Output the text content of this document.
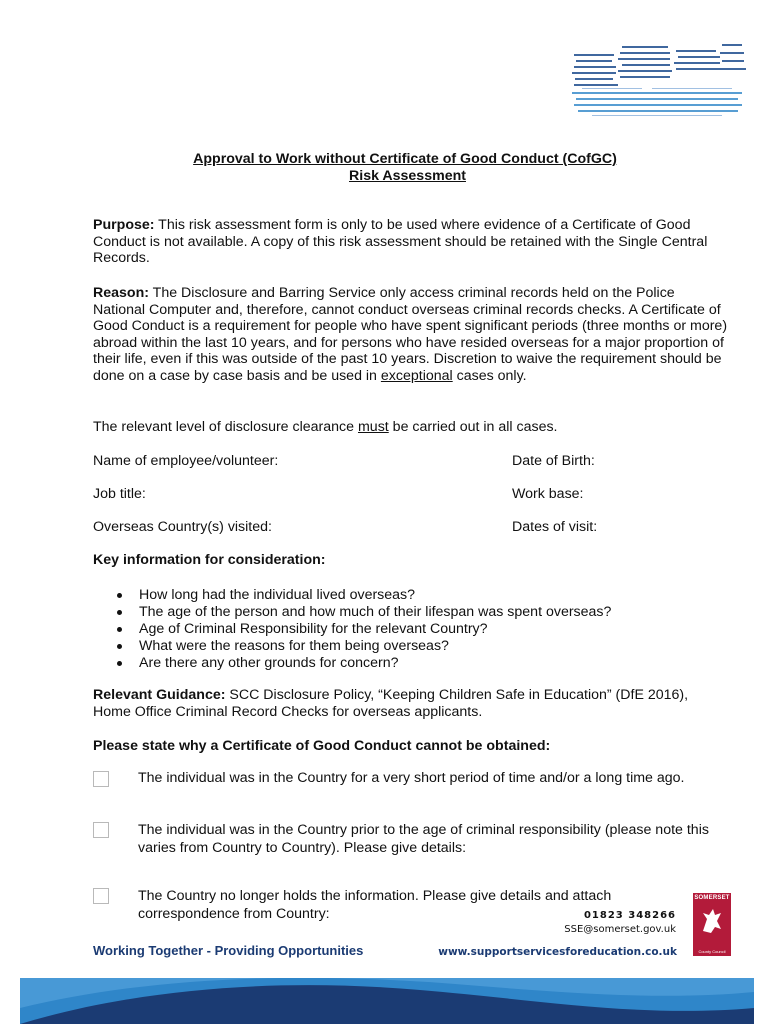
Approval to Work without Certificate of Good Conduct (CofGC)
Risk Assessment

Purpose: This risk assessment form is only to be used where evidence of a Certificate of Good Conduct is not available. A copy of this risk assessment should be retained with the Single Central Records.

Reason: The Disclosure and Barring Service only access criminal records held on the Police National Computer and, therefore, cannot conduct overseas criminal records checks. A Certificate of Good Conduct is a requirement for people who have spent significant periods (three months or more) abroad within the last 10 years, and for persons who have resided overseas for a major proportion of their life, even if this was outside of the past 10 years. Discretion to waive the requirement should be done on a case by case basis and be used in exceptional cases only.

The relevant level of disclosure clearance must be carried out in all cases.

Name of employee/volunteer:	Date of Birth:
Job title:	Work base:
Overseas Country(s) visited:	Dates of visit:
Key information for consideration:
How long had the individual lived overseas?
The age of the person and how much of their lifespan was spent overseas?
Age of Criminal Responsibility for the relevant Country?
What were the reasons for them being overseas?
Are there any other grounds for concern?

Relevant Guidance: SCC Disclosure Policy, “Keeping Children Safe in Education” (DfE 2016), Home Office Criminal Record Checks for overseas applicants.

Please state why a Certificate of Good Conduct cannot be obtained:
The individual was in the Country for a very short period of time and/or a long time ago.
The individual was in the Country prior to the age of criminal responsibility (please note this varies from Country to Country). Please give details:
The Country no longer holds the information. Please give details and attach correspondence from Country:	01823 348266
SSE@somerset.gov.uk
SOMERSET
County Council
Working Together - Providing Opportunities	www.supportservicesforeducation.co.uk
